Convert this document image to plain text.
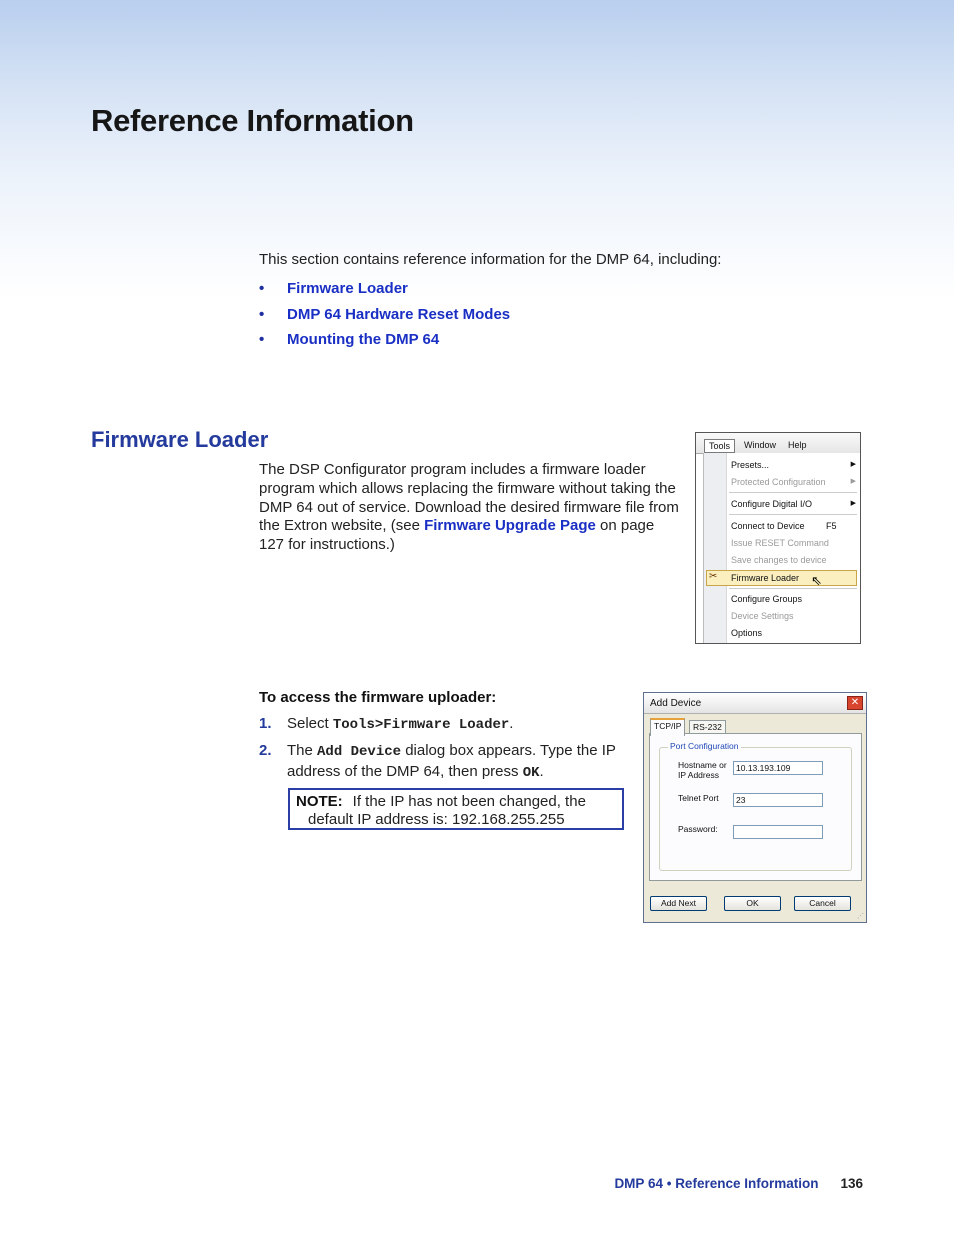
Reference Information
This section contains reference information for the DMP 64, including:
•	Firmware Loader
•	DMP 64 Hardware Reset Modes
•	Mounting the DMP 64
Firmware Loader
The DSP Configurator program includes a firmware loader program which allows replacing the firmware without taking the DMP 64 out of service. Download the desired firmware file from the Extron website, (see Firmware Upgrade Page on page 127 for instructions.)
Tools	Window Help
Presets...	▶
Protected Configuration	▶
Configure Digital I/O	▶
Connect to Device F5
Issue RESET Command
Save changes to device
✂ Firmware Loader ⇖
Configure Groups
Device Settings
Options
To access the firmware uploader:
1.	Select Tools>Firmware Loader.
2.	The Add Device dialog box appears. Type the IP address of the DMP 64, then press OK.
NOTE: If the IP has not been changed, the default IP address is: 192.168.255.255
Add Device	✕
TCP/IP	RS-232
Port Configuration
Hostname or IP Address
10.13.193.109
Telnet Port	23
Password:
Add Next	OK	Cancel
⋰
DMP 64 • Reference Information 136
